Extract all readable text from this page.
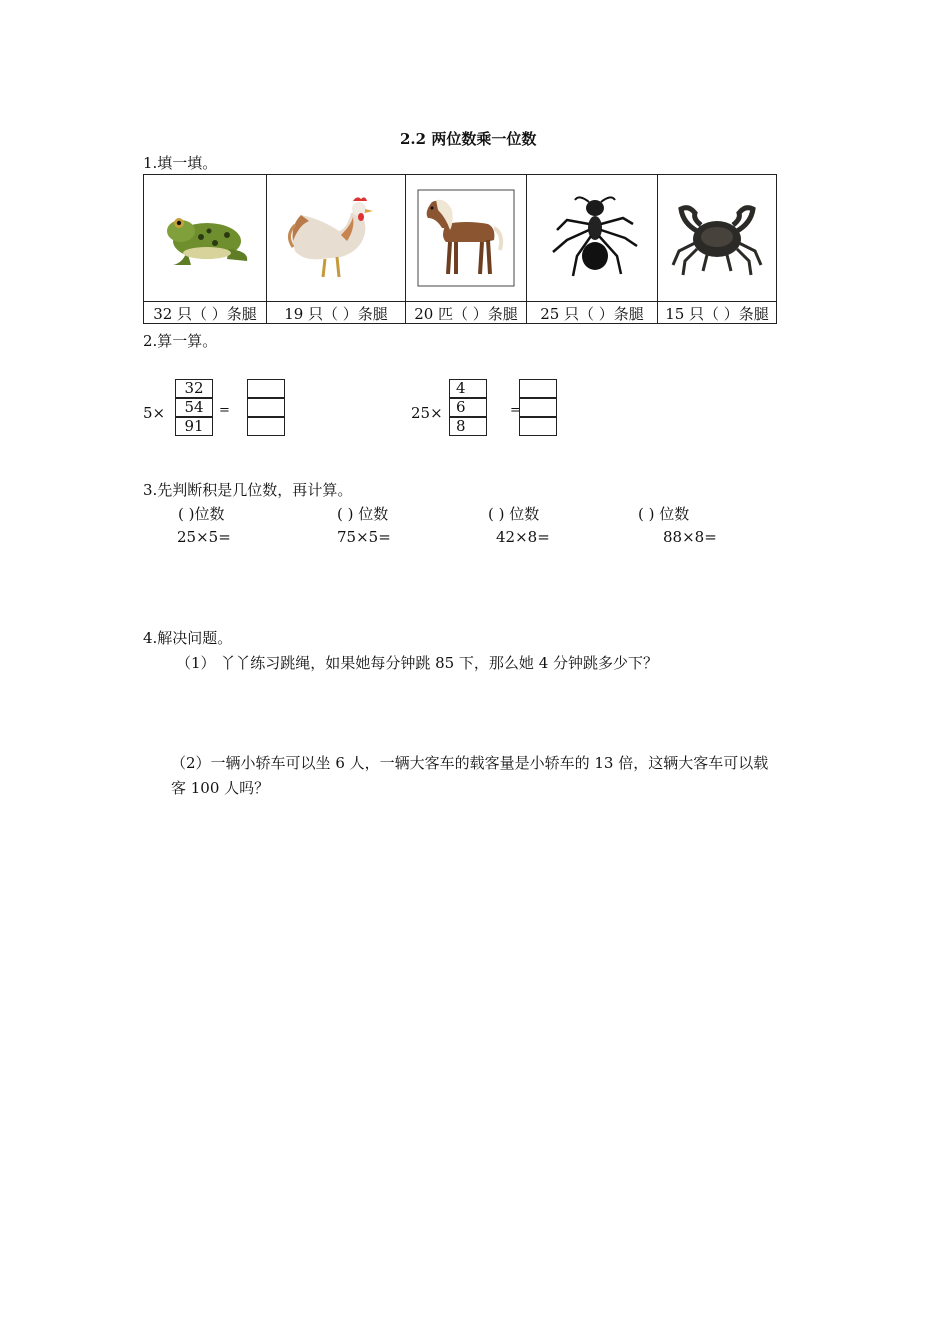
2.2 两位数乘一位数
1.填一填。
32 只（ ）条腿	19 只（ ）条腿	20 匹（ ）条腿	25 只（ ）条腿	15 只（ ）条腿
2.算一算。
5×
32
54
91
=	25×
4
6
8
=
3.先判断积是几位数，再计算。
( )位数	( ) 位数	( ) 位数	( ) 位数
25×5=	75×5=	42×8=	88×8=
4.解决问题。
（1） 丫丫练习跳绳，如果她每分钟跳 85 下，那么她 4 分钟跳多少下？
（2）一辆小轿车可以坐 6 人，一辆大客车的载客量是小轿车的 13 倍，这辆大客车可以载
客 100 人吗？
